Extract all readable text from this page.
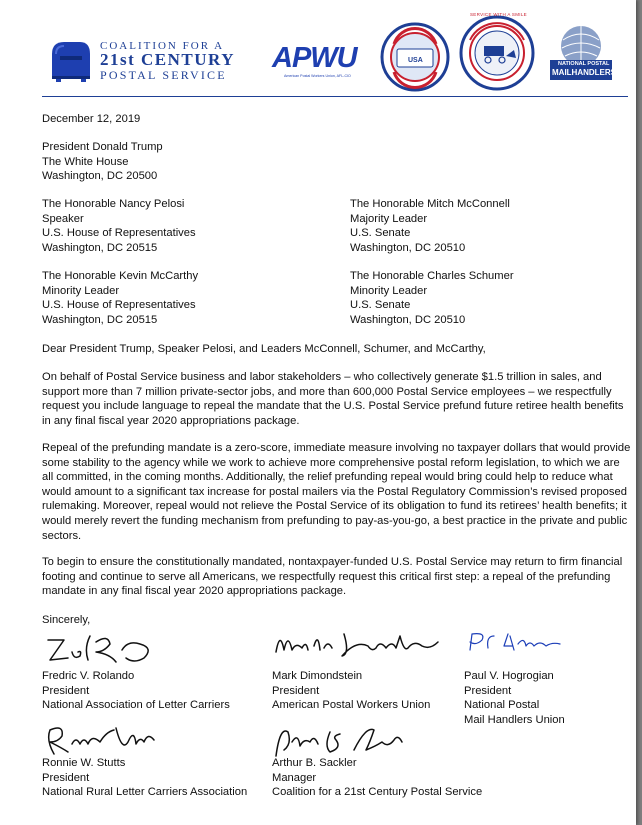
COALITION FOR A
21st CENTURY
POSTAL SERVICE
APWU
American Postal Workers Union, AFL-CIO
USA
SERVICE WITH A SMILE
NATIONAL POSTAL
MAILHANDLERS
December 12, 2019
President Donald Trump
The White House
Washington, DC 20500
The Honorable Nancy Pelosi
Speaker
U.S. House of Representatives
Washington, DC 20515
The Honorable Mitch McConnell
Majority Leader
U.S. Senate
Washington, DC 20510
The Honorable Kevin McCarthy
Minority Leader
U.S. House of Representatives
Washington, DC 20515
The Honorable Charles Schumer
Minority Leader
U.S. Senate
Washington, DC 20510
Dear President Trump, Speaker Pelosi, and Leaders McConnell, Schumer, and McCarthy,
On behalf of Postal Service business and labor stakeholders – who collectively generate $1.5 trillion in sales, and support more than 7 million private-sector jobs, and more than 600,000 Postal Service employees – we respectfully request you include language to repeal the mandate that the U.S. Postal Service prefund future retiree health benefits in any final fiscal year 2020 appropriations package.
Repeal of the prefunding mandate is a zero-score, immediate measure involving no taxpayer dollars that would provide some stability to the agency while we work to achieve more comprehensive postal reform legislation, to which we are all committed, in the coming months. Additionally, the relief prefunding repeal would bring could help to reduce what would amount to a significant tax increase for postal mailers via the Postal Regulatory Commission’s revised proposed rulemaking. Moreover, repeal would not relieve the Postal Service of its obligation to fund its retirees’ health benefits; it would merely revert the funding mechanism from prefunding to pay-as-you-go, a best practice in the private and public sectors.
To begin to ensure the constitutionally mandated, nontaxpayer-funded U.S. Postal Service may return to firm financial footing and continue to serve all Americans, we respectfully request this critical first step: a repeal of the prefunding mandate in any final fiscal year 2020 appropriations package.
Sincerely,
Fredric V. Rolando
President
National Association of Letter Carriers
Mark Dimondstein
President
American Postal Workers Union
Paul V. Hogrogian
President
National Postal
Mail Handlers Union
Ronnie W. Stutts
President
National Rural Letter Carriers Association
Arthur B. Sackler
Manager
Coalition for a 21st Century Postal Service
